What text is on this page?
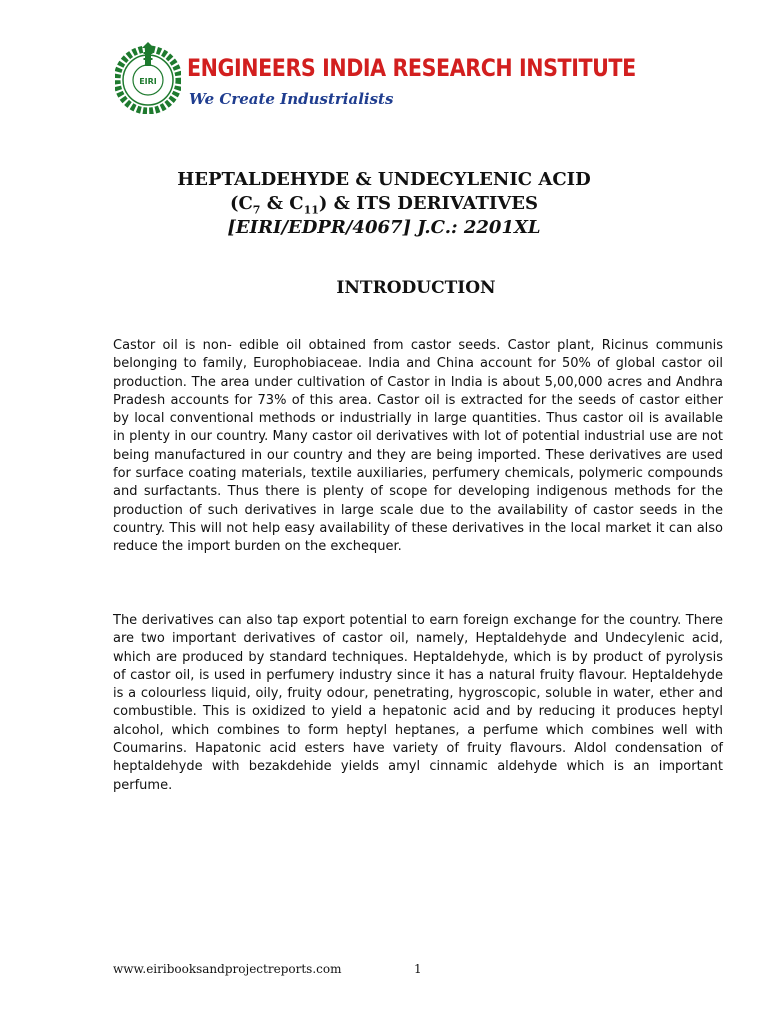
EIRI ENGINEERS INDIA RESEARCH INSTITUTE
We Create Industrialists
HEPTALDEHYDE & UNDECYLENIC ACID
($C_7$ & $C_{11}$) & ITS DERIVATIVES
[EIRI/EDPR/4067] J.C.: 2201XL
INTRODUCTION

Castor oil is non- edible oil obtained from castor seeds. Castor plant, Ricinus communis belonging to family, Europhobiaceae. India and China account for 50% of global castor oil production. The area under cultivation of Castor in India is about 5,00,000 acres and Andhra Pradesh accounts for 73% of this area. Castor oil is extracted for the seeds of castor either by local conventional methods or industrially in large quantities. Thus castor oil is available in plenty in our country. Many castor oil derivatives with lot of potential industrial use are not being manufactured in our country and they are being imported. These derivatives are used for surface coating materials, textile auxiliaries, perfumery chemicals, polymeric compounds and surfactants. Thus there is plenty of scope for developing indigenous methods for the production of such derivatives in large scale due to the availability of castor seeds in the country. This will not help easy availability of these derivatives in the local market it can also reduce the import burden on the exchequer.

The derivatives can also tap export potential to earn foreign exchange for the country. There are two important derivatives of castor oil, namely, Heptaldehyde and Undecylenic acid, which are produced by standard techniques. Heptaldehyde, which is by product of pyrolysis of castor oil, is used in perfumery industry since it has a natural fruity flavour. Heptaldehyde is a colourless liquid, oily, fruity odour, penetrating, hygroscopic, soluble in water, ether and combustible. This is oxidized to yield a hepatonic acid and by reducing it produces heptyl alcohol, which combines to form heptyl heptanes, a perfume which combines well with Coumarins. Hapatonic acid esters have variety of fruity flavours. Aldol condensation of heptaldehyde with bezakdehide yields amyl cinnamic aldehyde which is an important perfume.

www.eiribooksandprojectreports.com	1
